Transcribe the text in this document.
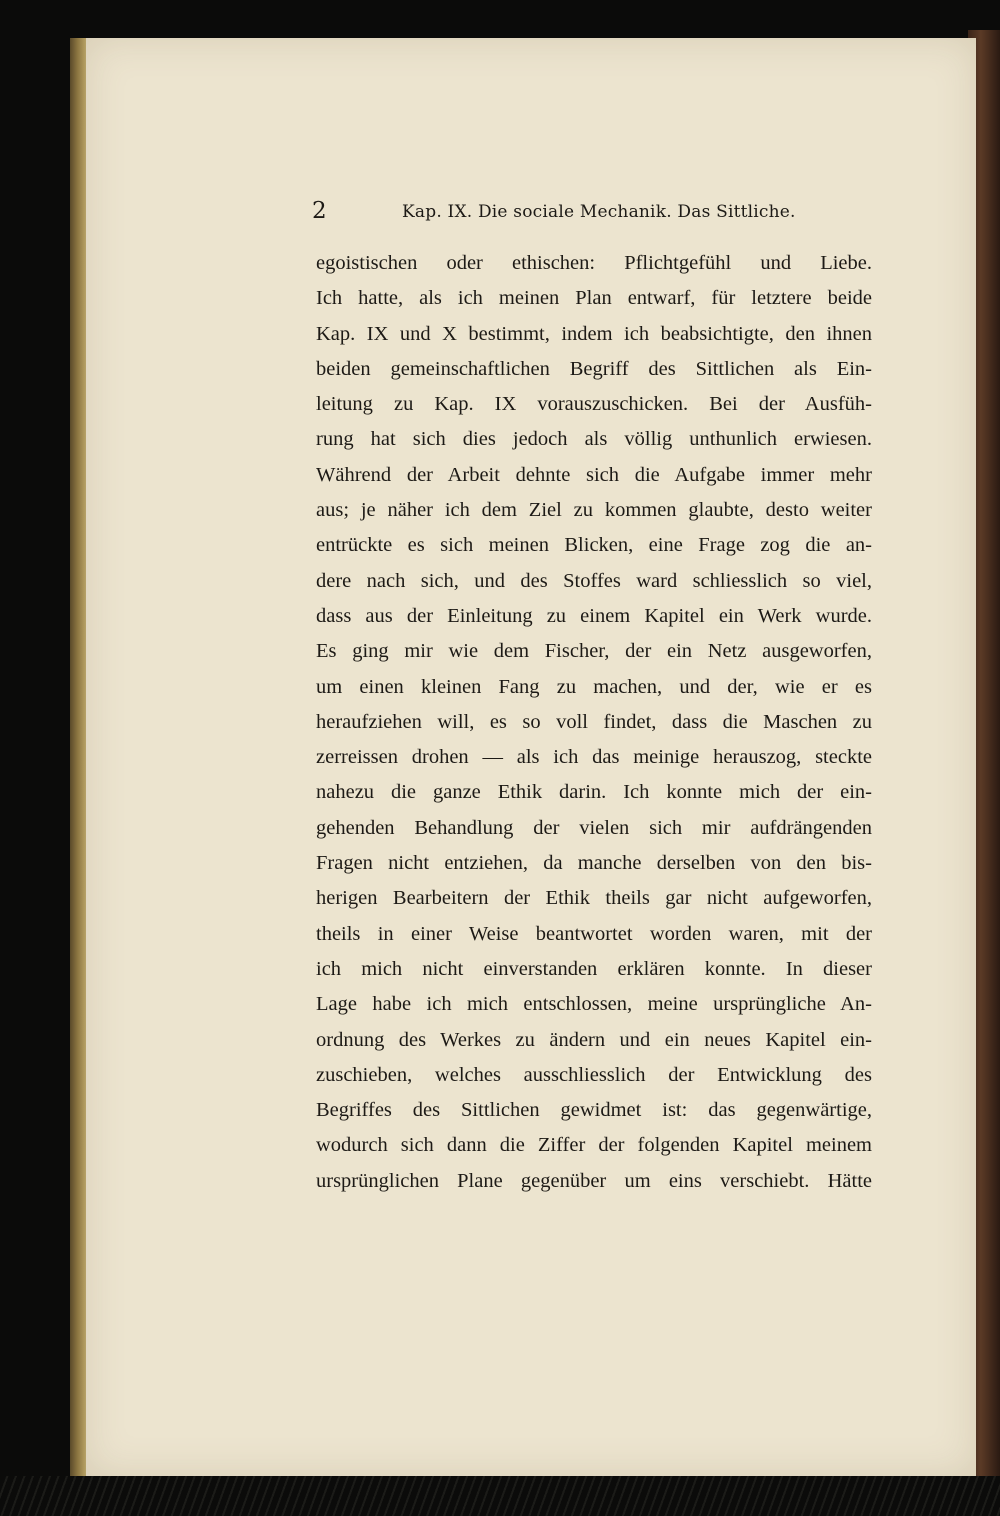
2	Kap. IX. Die sociale Mechanik. Das Sittliche.
egoistischen oder ethischen: Pflichtgefühl und Liebe.
Ich hatte, als ich meinen Plan entwarf, für letztere beide
Kap. IX und X bestimmt, indem ich beabsichtigte, den ihnen
beiden gemeinschaftlichen Begriff des Sittlichen als Ein-
leitung zu Kap. IX vorauszuschicken. Bei der Ausfüh-
rung hat sich dies jedoch als völlig unthunlich erwiesen.
Während der Arbeit dehnte sich die Aufgabe immer mehr
aus; je näher ich dem Ziel zu kommen glaubte, desto weiter
entrückte es sich meinen Blicken, eine Frage zog die an-
dere nach sich, und des Stoffes ward schliesslich so viel,
dass aus der Einleitung zu einem Kapitel ein Werk wurde.
Es ging mir wie dem Fischer, der ein Netz ausgeworfen,
um einen kleinen Fang zu machen, und der, wie er es
heraufziehen will, es so voll findet, dass die Maschen zu
zerreissen drohen — als ich das meinige herauszog, steckte
nahezu die ganze Ethik darin. Ich konnte mich der ein-
gehenden Behandlung der vielen sich mir aufdrängenden
Fragen nicht entziehen, da manche derselben von den bis-
herigen Bearbeitern der Ethik theils gar nicht aufgeworfen,
theils in einer Weise beantwortet worden waren, mit der
ich mich nicht einverstanden erklären konnte. In dieser
Lage habe ich mich entschlossen, meine ursprüngliche An-
ordnung des Werkes zu ändern und ein neues Kapitel ein-
zuschieben, welches ausschliesslich der Entwicklung des
Begriffes des Sittlichen gewidmet ist: das gegenwärtige,
wodurch sich dann die Ziffer der folgenden Kapitel meinem
ursprünglichen Plane gegenüber um eins verschiebt. Hätte
